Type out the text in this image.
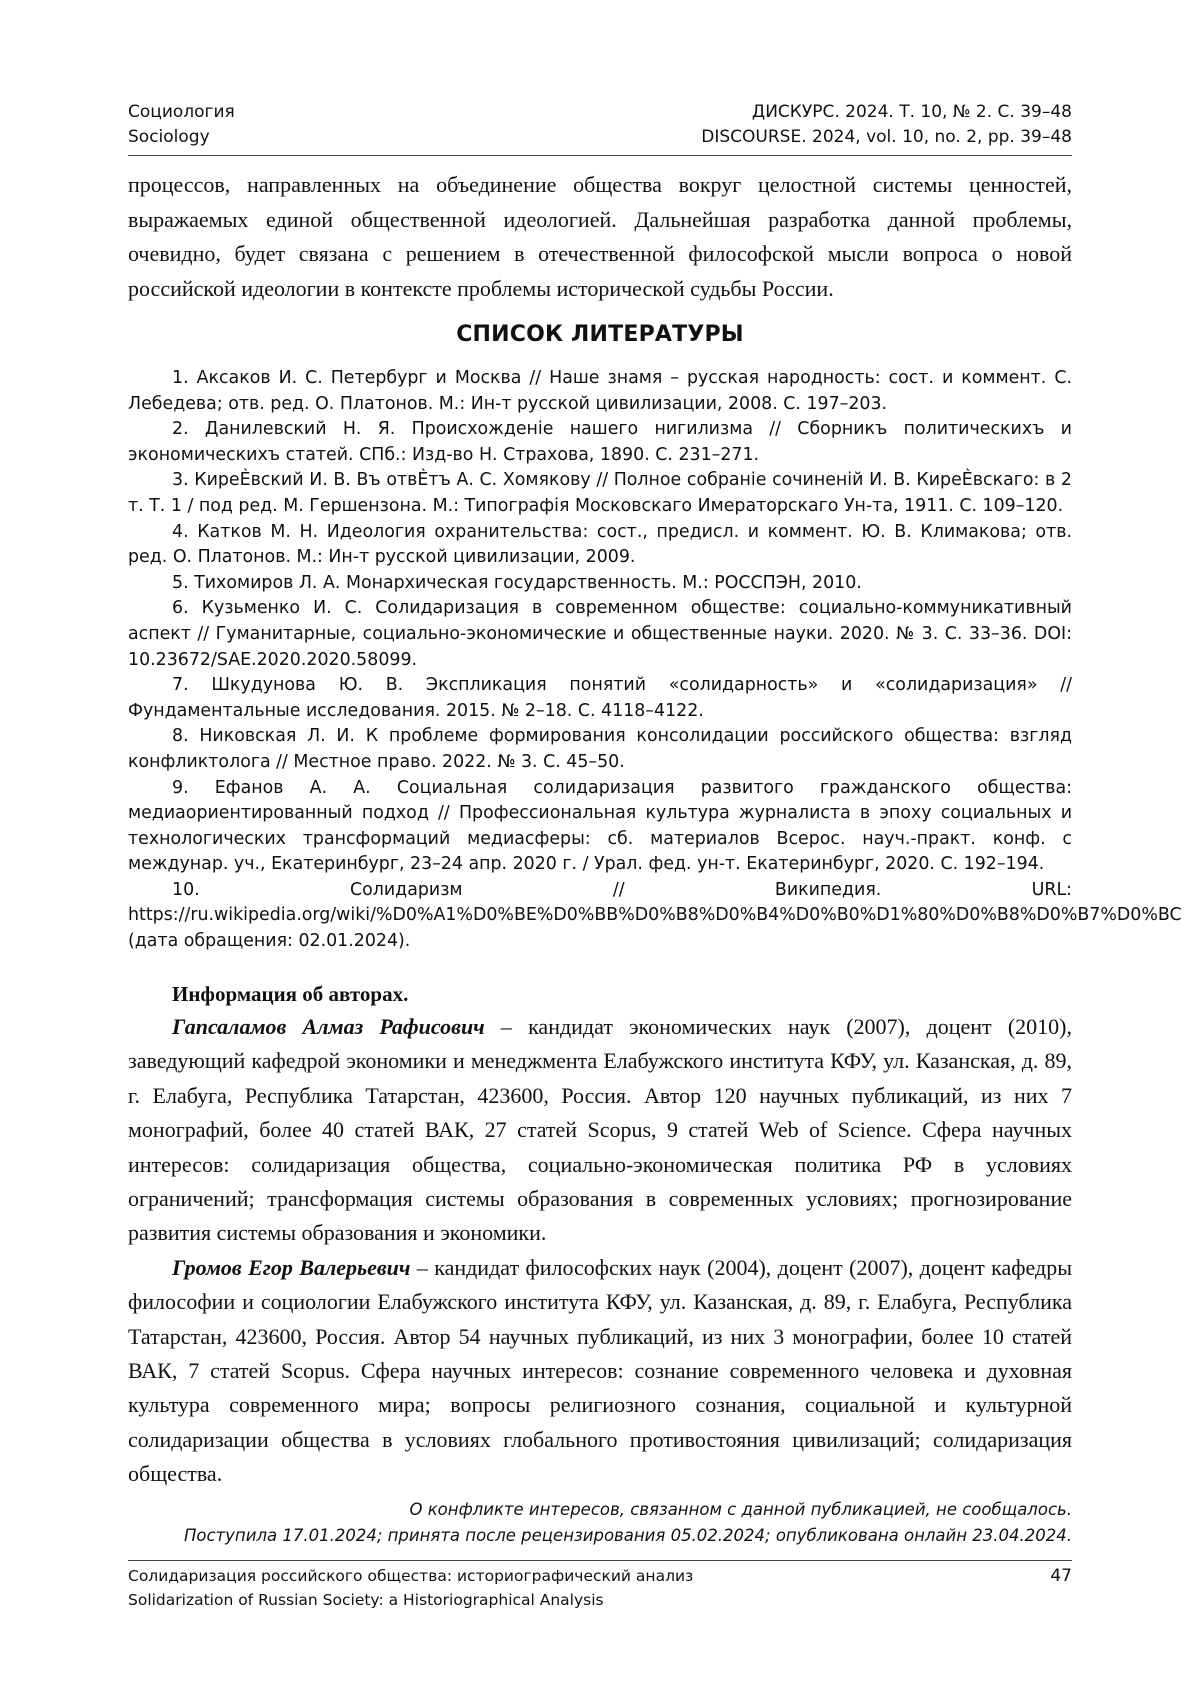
Социология
Sociology
ДИСКУРС. 2024. Т. 10, № 2. С. 39–48
DISCOURSE. 2024, vol. 10, no. 2, pp. 39–48

процессов, направленных на объединение общества вокруг целостной системы ценностей, выражаемых единой общественной идеологией. Дальнейшая разработка данной проблемы, очевидно, будет связана с решением в отечественной философской мысли вопроса о новой российской идеологии в контексте проблемы исторической судьбы России.

СПИСОК ЛИТЕРАТУРЫ
1. Аксаков И. С. Петербург и Москва // Наше знамя – русская народность: сост. и коммент. С. Лебедева; отв. ред. О. Платонов. М.: Ин-т русской цивилизации, 2008. С. 197–203.
2. Данилевский Н. Я. Происхожденіе нашего нигилизма // Сборникъ политическихъ и экономическихъ статей. СПб.: Изд-во Н. Страхова, 1890. С. 231–271.
3. КиреЀвский И. В. Въ отвЀтъ А. С. Хомякову // Полное собраніе сочиненій И. В. КиреЀвскаго: в 2 т. Т. 1 / под ред. М. Гершензона. М.: Типографія Московскаго Имераторскаго Ун-та, 1911. С. 109–120.
4. Катков М. Н. Идеология охранительства: сост., предисл. и коммент. Ю. В. Климакова; отв. ред. О. Платонов. М.: Ин-т русской цивилизации, 2009.
5. Тихомиров Л. А. Монархическая государственность. М.: РОССПЭН, 2010.
6. Кузьменко И. С. Солидаризация в современном обществе: социально-коммуникативный аспект // Гуманитарные, социально-экономические и общественные науки. 2020. № 3. С. 33–36. DOI: 10.23672/SAE.2020.2020.58099.
7. Шкудунова Ю. В. Экспликация понятий «солидарность» и «солидаризация» // Фундаментальные исследования. 2015. № 2–18. С. 4118–4122.
8. Никовская Л. И. К проблеме формирования консолидации российского общества: взгляд конфликтолога // Местное право. 2022. № 3. С. 45–50.
9. Ефанов А. А. Социальная солидаризация развитого гражданского общества: медиаориентированный подход // Профессиональная культура журналиста в эпоху социальных и технологических трансформаций медиасферы: сб. материалов Всерос. науч.-практ. конф. с междунар. уч., Екатеринбург, 23–24 апр. 2020 г. / Урал. фед. ун-т. Екатеринбург, 2020. С. 192–194.
10. Солидаризм // Википедия. URL: https://ru.wikipedia.org/wiki/%D0%A1%D0%BE%D0%BB%D0%B8%D0%B4%D0%B0%D1%80%D0%B8%D0%B7%D0%BC (дата обращения: 02.01.2024).

Информация об авторах.

Гапсаламов Алмаз Рафисович – кандидат экономических наук (2007), доцент (2010), заведующий кафедрой экономики и менеджмента Елабужского института КФУ, ул. Казанская, д. 89, г. Елабуга, Республика Татарстан, 423600, Россия. Автор 120 научных публикаций, из них 7 монографий, более 40 статей ВАК, 27 статей Scopus, 9 статей Web of Science. Сфера научных интересов: солидаризация общества, социально-экономическая политика РФ в условиях ограничений; трансформация системы образования в современных условиях; прогнозирование развития системы образования и экономики.

Громов Егор Валерьевич – кандидат философских наук (2004), доцент (2007), доцент кафедры философии и социологии Елабужского института КФУ, ул. Казанская, д. 89, г. Елабуга, Республика Татарстан, 423600, Россия. Автор 54 научных публикаций, из них 3 монографии, более 10 статей ВАК, 7 статей Scopus. Сфера научных интересов: сознание современного человека и духовная культура современного мира; вопросы религиозного сознания, социальной и культурной солидаризации общества в условиях глобального противостояния цивилизаций; солидаризация общества.

О конфликте интересов, связанном с данной публикацией, не сообщалось.
Поступила 17.01.2024; принята после рецензирования 05.02.2024; опубликована онлайн 23.04.2024.
Солидаризация российского общества: историографический анализ
Solidarization of Russian Society: a Historiographical Analysis
47
